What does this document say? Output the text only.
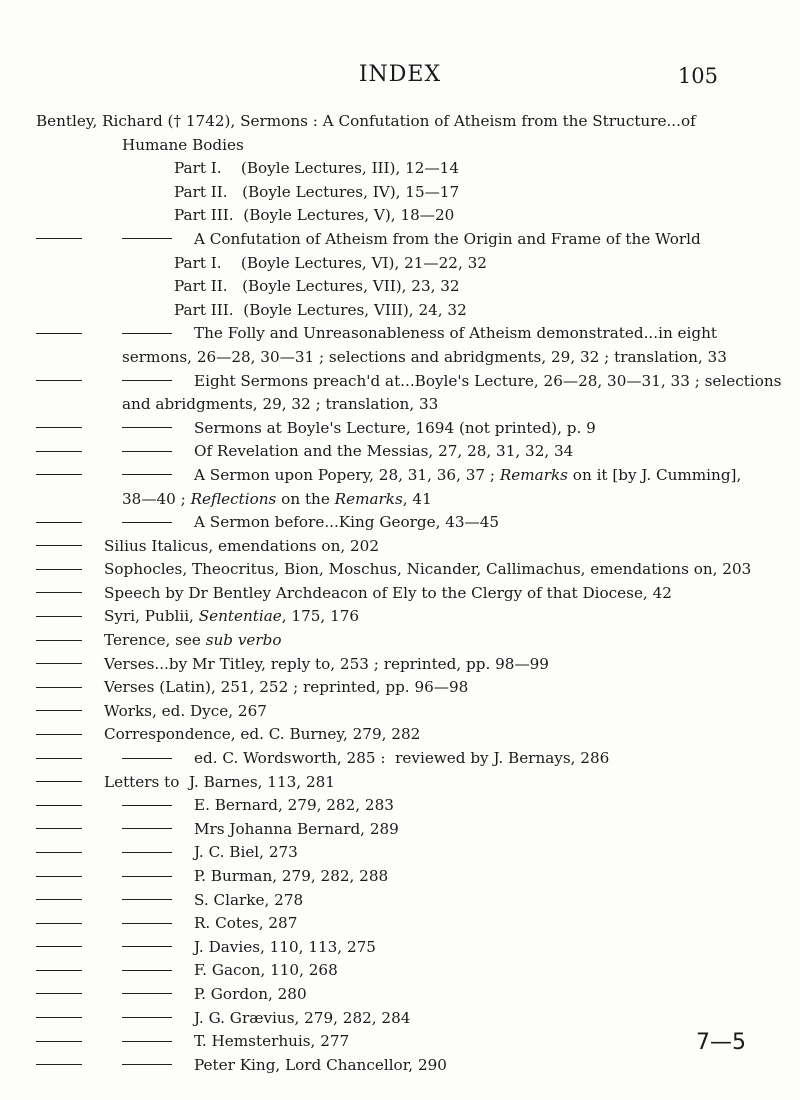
INDEX	105
Bentley, Richard († 1742), Sermons : A Confutation of Atheism from the Structure...of
Humane Bodies
Part I.    (Boyle Lectures, III), 12—14
Part II.   (Boyle Lectures, IV), 15—17
Part III.  (Boyle Lectures, V), 18—20
A Confutation of Atheism from the Origin and Frame of the World
Part I.    (Boyle Lectures, VI), 21—22, 32
Part II.   (Boyle Lectures, VII), 23, 32
Part III.  (Boyle Lectures, VIII), 24, 32
The Folly and Unreasonableness of Atheism demonstrated...in eight
sermons, 26—28, 30—31 ; selections and abridgments, 29, 32 ; translation, 33
Eight Sermons preach'd at...Boyle's Lecture, 26—28, 30—31, 33 ; selections
and abridgments, 29, 32 ; translation, 33
Sermons at Boyle's Lecture, 1694 (not printed), p. 9
Of Revelation and the Messias, 27, 28, 31, 32, 34
A Sermon upon Popery, 28, 31, 36, 37 ; Remarks on it [by J. Cumming],
38—40 ; Reflections on the Remarks, 41
A Sermon before...King George, 43—45
Silius Italicus, emendations on, 202
Sophocles, Theocritus, Bion, Moschus, Nicander, Callimachus, emendations on, 203
Speech by Dr Bentley Archdeacon of Ely to the Clergy of that Diocese, 42
Syri, Publii, Sententiae, 175, 176
Terence, see sub verbo
Verses...by Mr Titley, reply to, 253 ; reprinted, pp. 98—99
Verses (Latin), 251, 252 ; reprinted, pp. 96—98
Works, ed. Dyce, 267
Correspondence, ed. C. Burney, 279, 282
ed. C. Wordsworth, 285 :  reviewed by J. Bernays, 286
Letters to  J. Barnes, 113, 281
E. Bernard, 279, 282, 283
Mrs Johanna Bernard, 289
J. C. Biel, 273
P. Burman, 279, 282, 288
S. Clarke, 278
R. Cotes, 287
J. Davies, 110, 113, 275
F. Gacon, 110, 268
P. Gordon, 280
J. G. Grævius, 279, 282, 284
T. Hemsterhuis, 277
Peter King, Lord Chancellor, 290
7—5
